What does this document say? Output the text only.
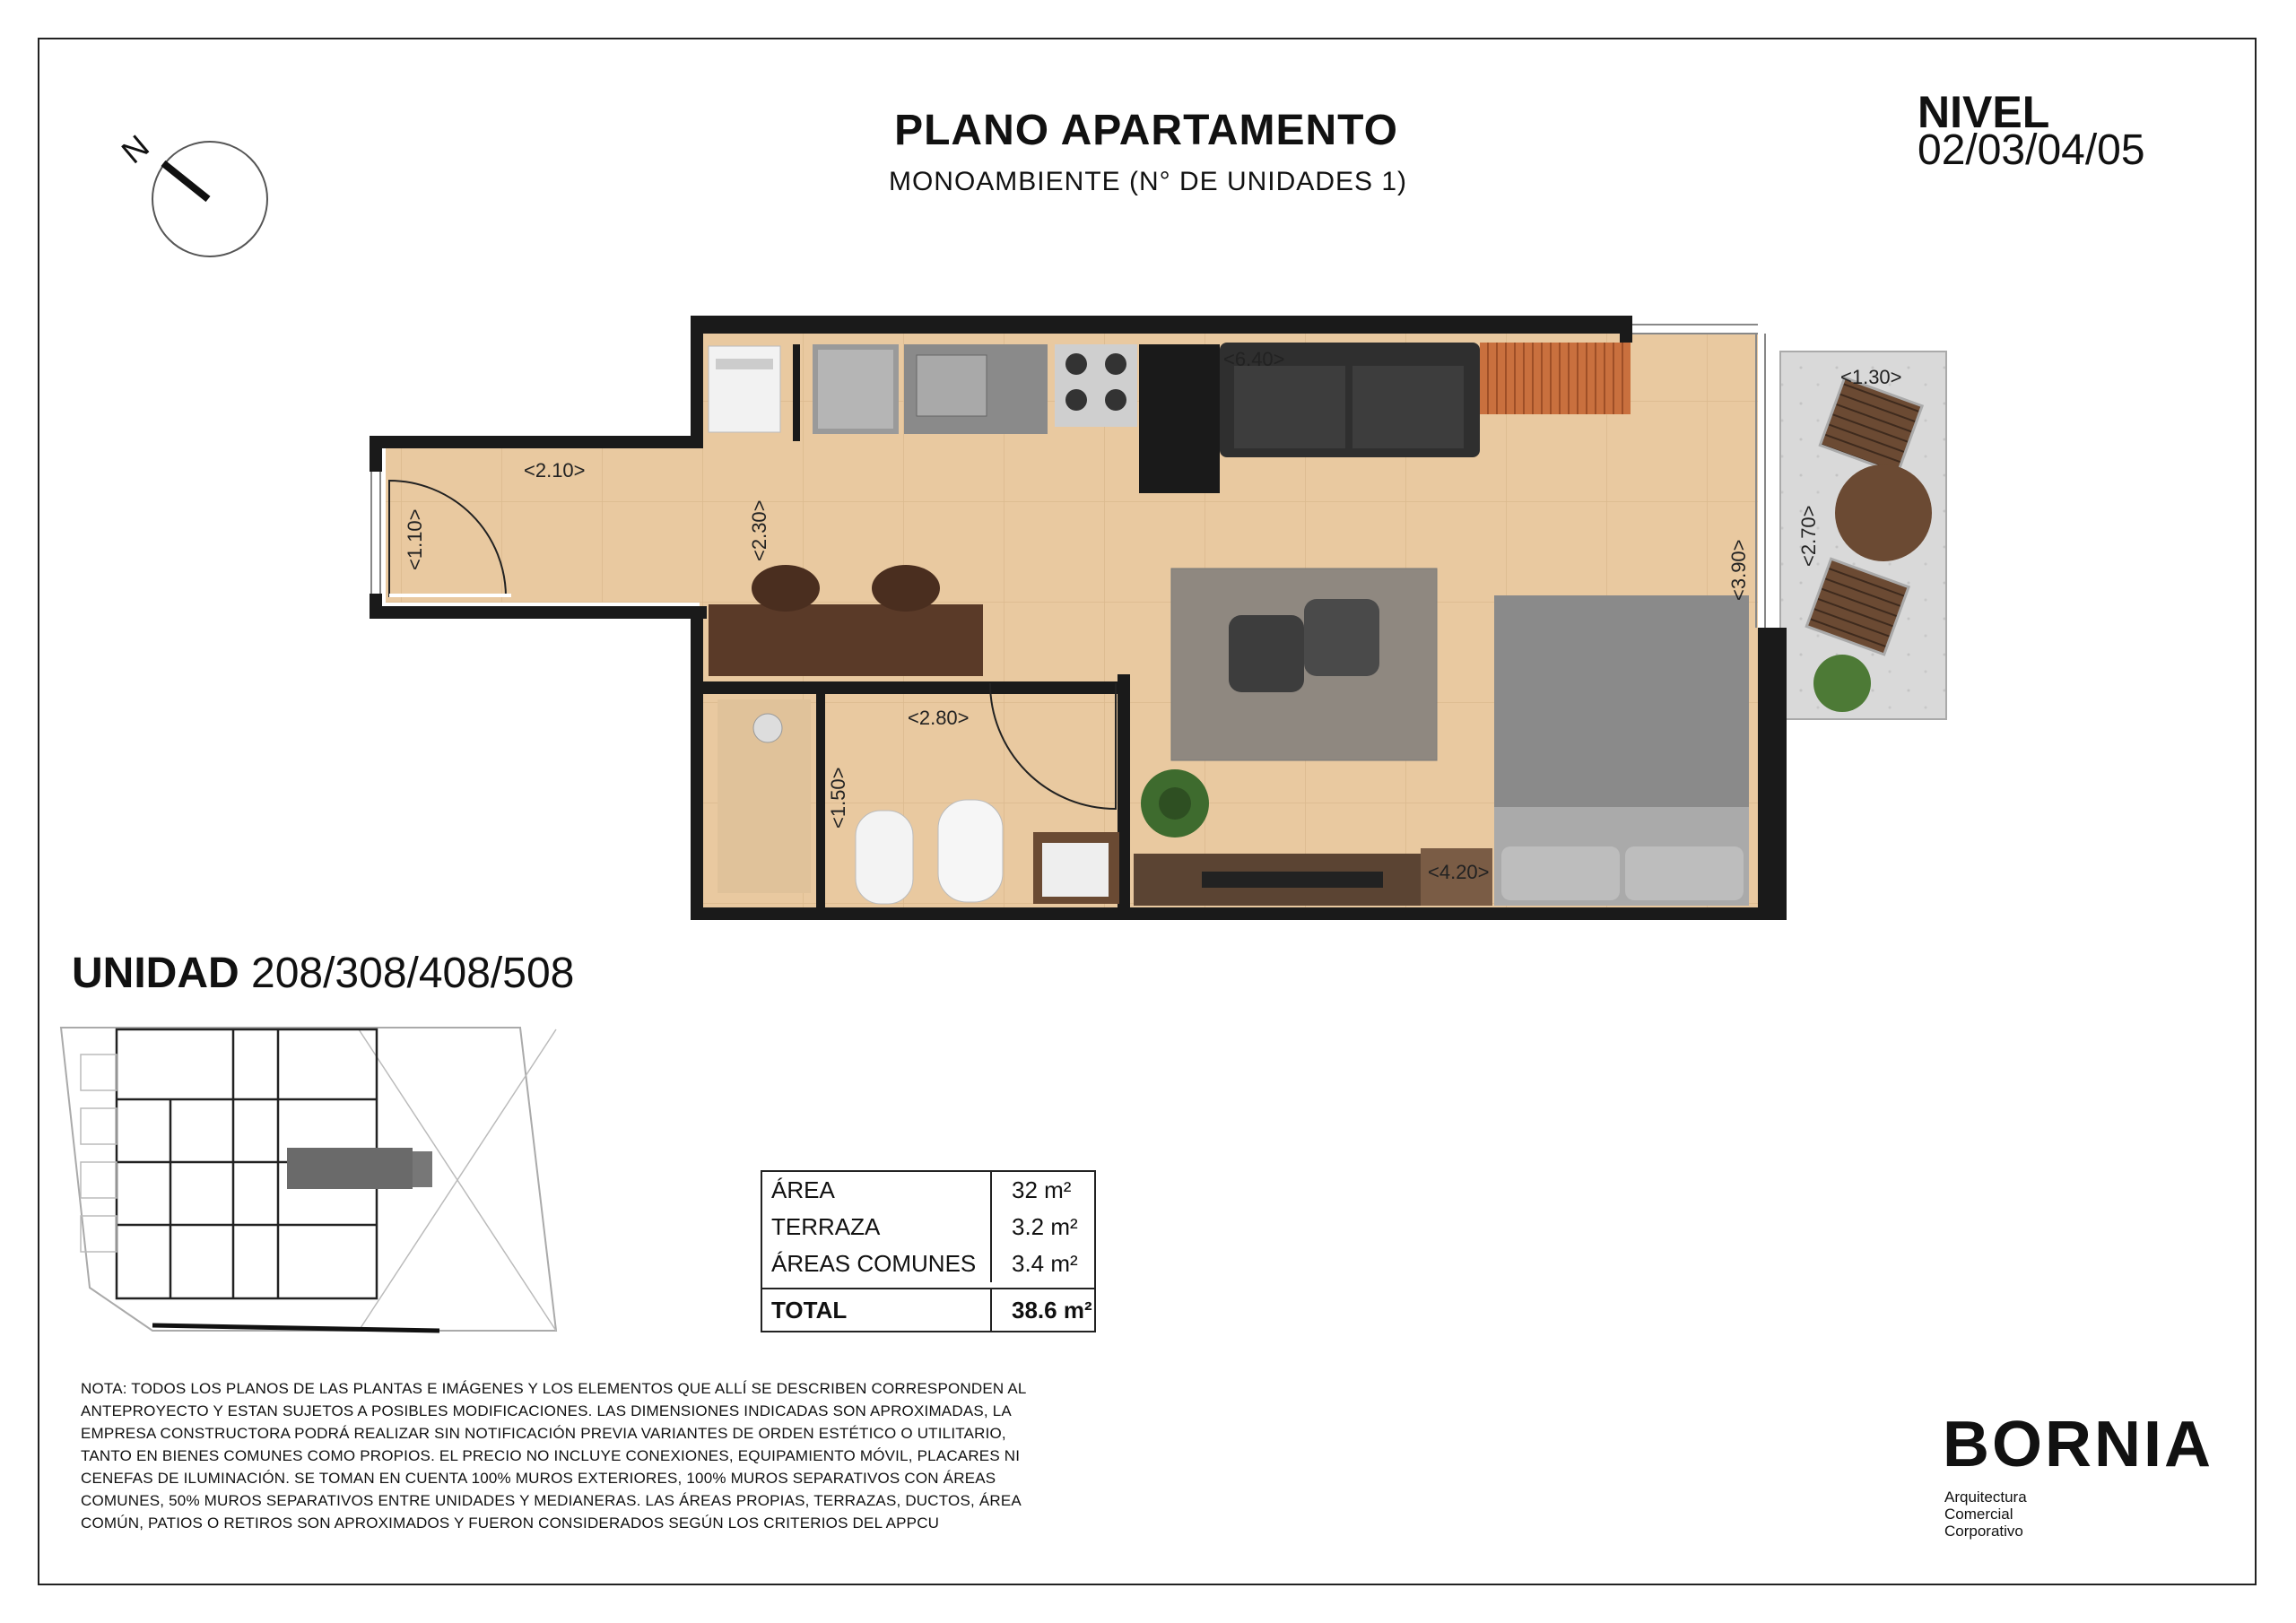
N	PLANO APARTAMENTO
MONOAMBIENTE (N° DE UNIDADES 1)
NIVEL
02/03/04/05
<6.40>
<2.10>
<1.10>	<2.30>
<3.90>
<2.80>
<1.50>
<4.20>
<1.30>
<2.70>
UNIDAD 208/308/408/508
ÁREA	32 m²
TERRAZA	3.2 m²
ÁREAS COMUNES	3.4 m²
TOTAL	38.6 m²
NOTA: TODOS LOS PLANOS DE LAS PLANTAS E IMÁGENES Y LOS ELEMENTOS QUE ALLÍ SE DESCRIBEN CORRESPONDEN AL ANTEPROYECTO Y ESTAN SUJETOS A POSIBLES MODIFICACIONES. LAS DIMENSIONES INDICADAS SON APROXIMADAS, LA EMPRESA CONSTRUCTORA PODRÁ REALIZAR SIN NOTIFICACIÓN PREVIA VARIANTES DE ORDEN ESTÉTICO O UTILITARIO, TANTO EN BIENES COMUNES COMO PROPIOS. EL PRECIO NO INCLUYE CONEXIONES, EQUIPAMIENTO MÓVIL, PLACARES NI CENEFAS DE ILUMINACIÓN. SE TOMAN EN CUENTA 100% MUROS EXTERIORES, 100% MUROS SEPARATIVOS CON ÁREAS COMUNES, 50% MUROS SEPARATIVOS ENTRE UNIDADES Y MEDIANERAS. LAS ÁREAS PROPIAS, TERRAZAS, DUCTOS, ÁREA COMÚN, PATIOS O RETIROS SON APROXIMADOS Y FUERON CONSIDERADOS SEGÚN LOS CRITERIOS DEL APPCU
BORNIA
Arquitectura
Comercial
Corporativo
